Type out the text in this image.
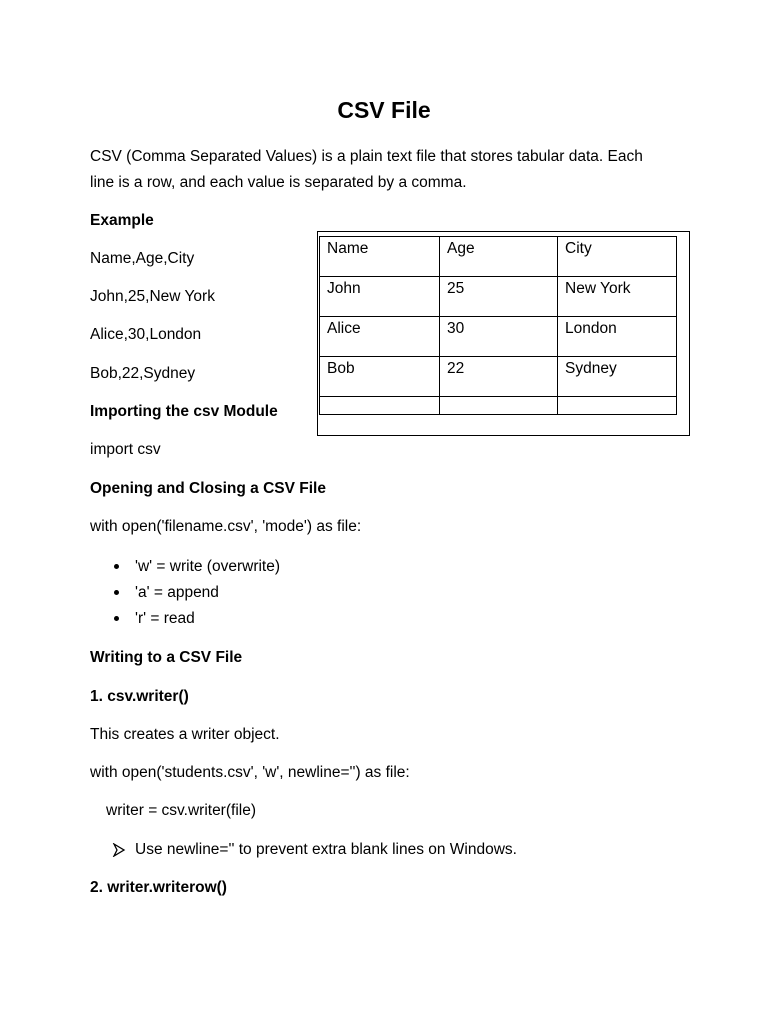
CSV File
CSV (Comma Separated Values) is a plain text file that stores tabular data. Each
line is a row, and each value is separated by a comma.
Example
Name,Age,City
John,25,New York
Alice,30,London
Bob,22,Sydney
Name	Age	City
John	25	New York
Alice	30	London
Bob	22	Sydney

Importing the csv Module
import csv
Opening and Closing a CSV File
with open('filename.csv', 'mode') as file:
'w' = write (overwrite)
'a' = append
'r' = read
Writing to a CSV File
1. csv.writer()
This creates a writer object.
with open('students.csv', 'w', newline='') as file:
writer = csv.writer(file)
Use newline='' to prevent extra blank lines on Windows.
2. writer.writerow()
